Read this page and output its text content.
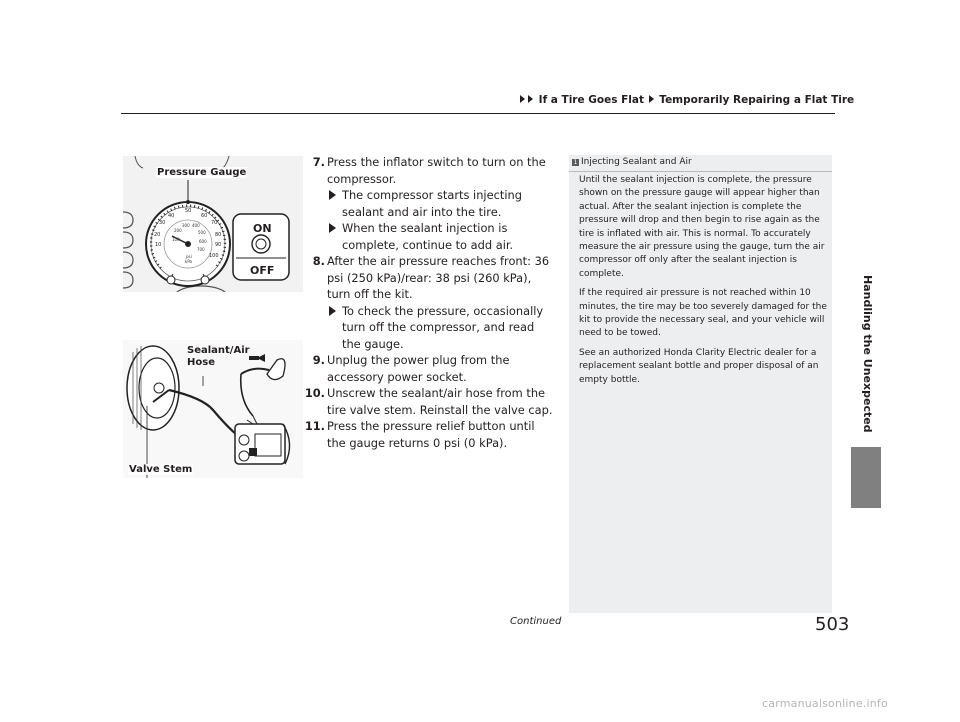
If a Tire Goes Flat Temporarily Repairing a Flat Tire
Handling the Unexpected
Pressure Gauge
ON
OFF
10
20
30
40
50
60
70
80
90
100
100
200
300 400
500
600
700
psi
kPa
Sealant/Air
Hose
Valve Stem
7. Press the inflator switch to turn on the compressor.
The compressor starts injecting sealant and air into the tire.
When the sealant injection is complete, continue to add air.
8. After the air pressure reaches front: 36 psi (250 kPa)/rear: 38 psi (260 kPa), turn off the kit.
To check the pressure, occasionally turn off the compressor, and read the gauge.
9. Unplug the power plug from the accessory power socket.
10. Unscrew the sealant/air hose from the tire valve stem. Reinstall the valve cap.
11. Press the pressure relief button until the gauge returns 0 psi (0 kPa).
1 Injecting Sealant and Air

Until the sealant injection is complete, the pressure shown on the pressure gauge will appear higher than actual. After the sealant injection is complete the pressure will drop and then begin to rise again as the tire is inflated with air. This is normal. To accurately measure the air pressure using the gauge, turn the air compressor off only after the sealant injection is complete.

If the required air pressure is not reached within 10 minutes, the tire may be too severely damaged for the kit to provide the necessary seal, and your vehicle will need to be towed.

See an authorized Honda Clarity Electric dealer for a replacement sealant bottle and proper disposal of an empty bottle.

Continued	503
carmanualsonline.info
